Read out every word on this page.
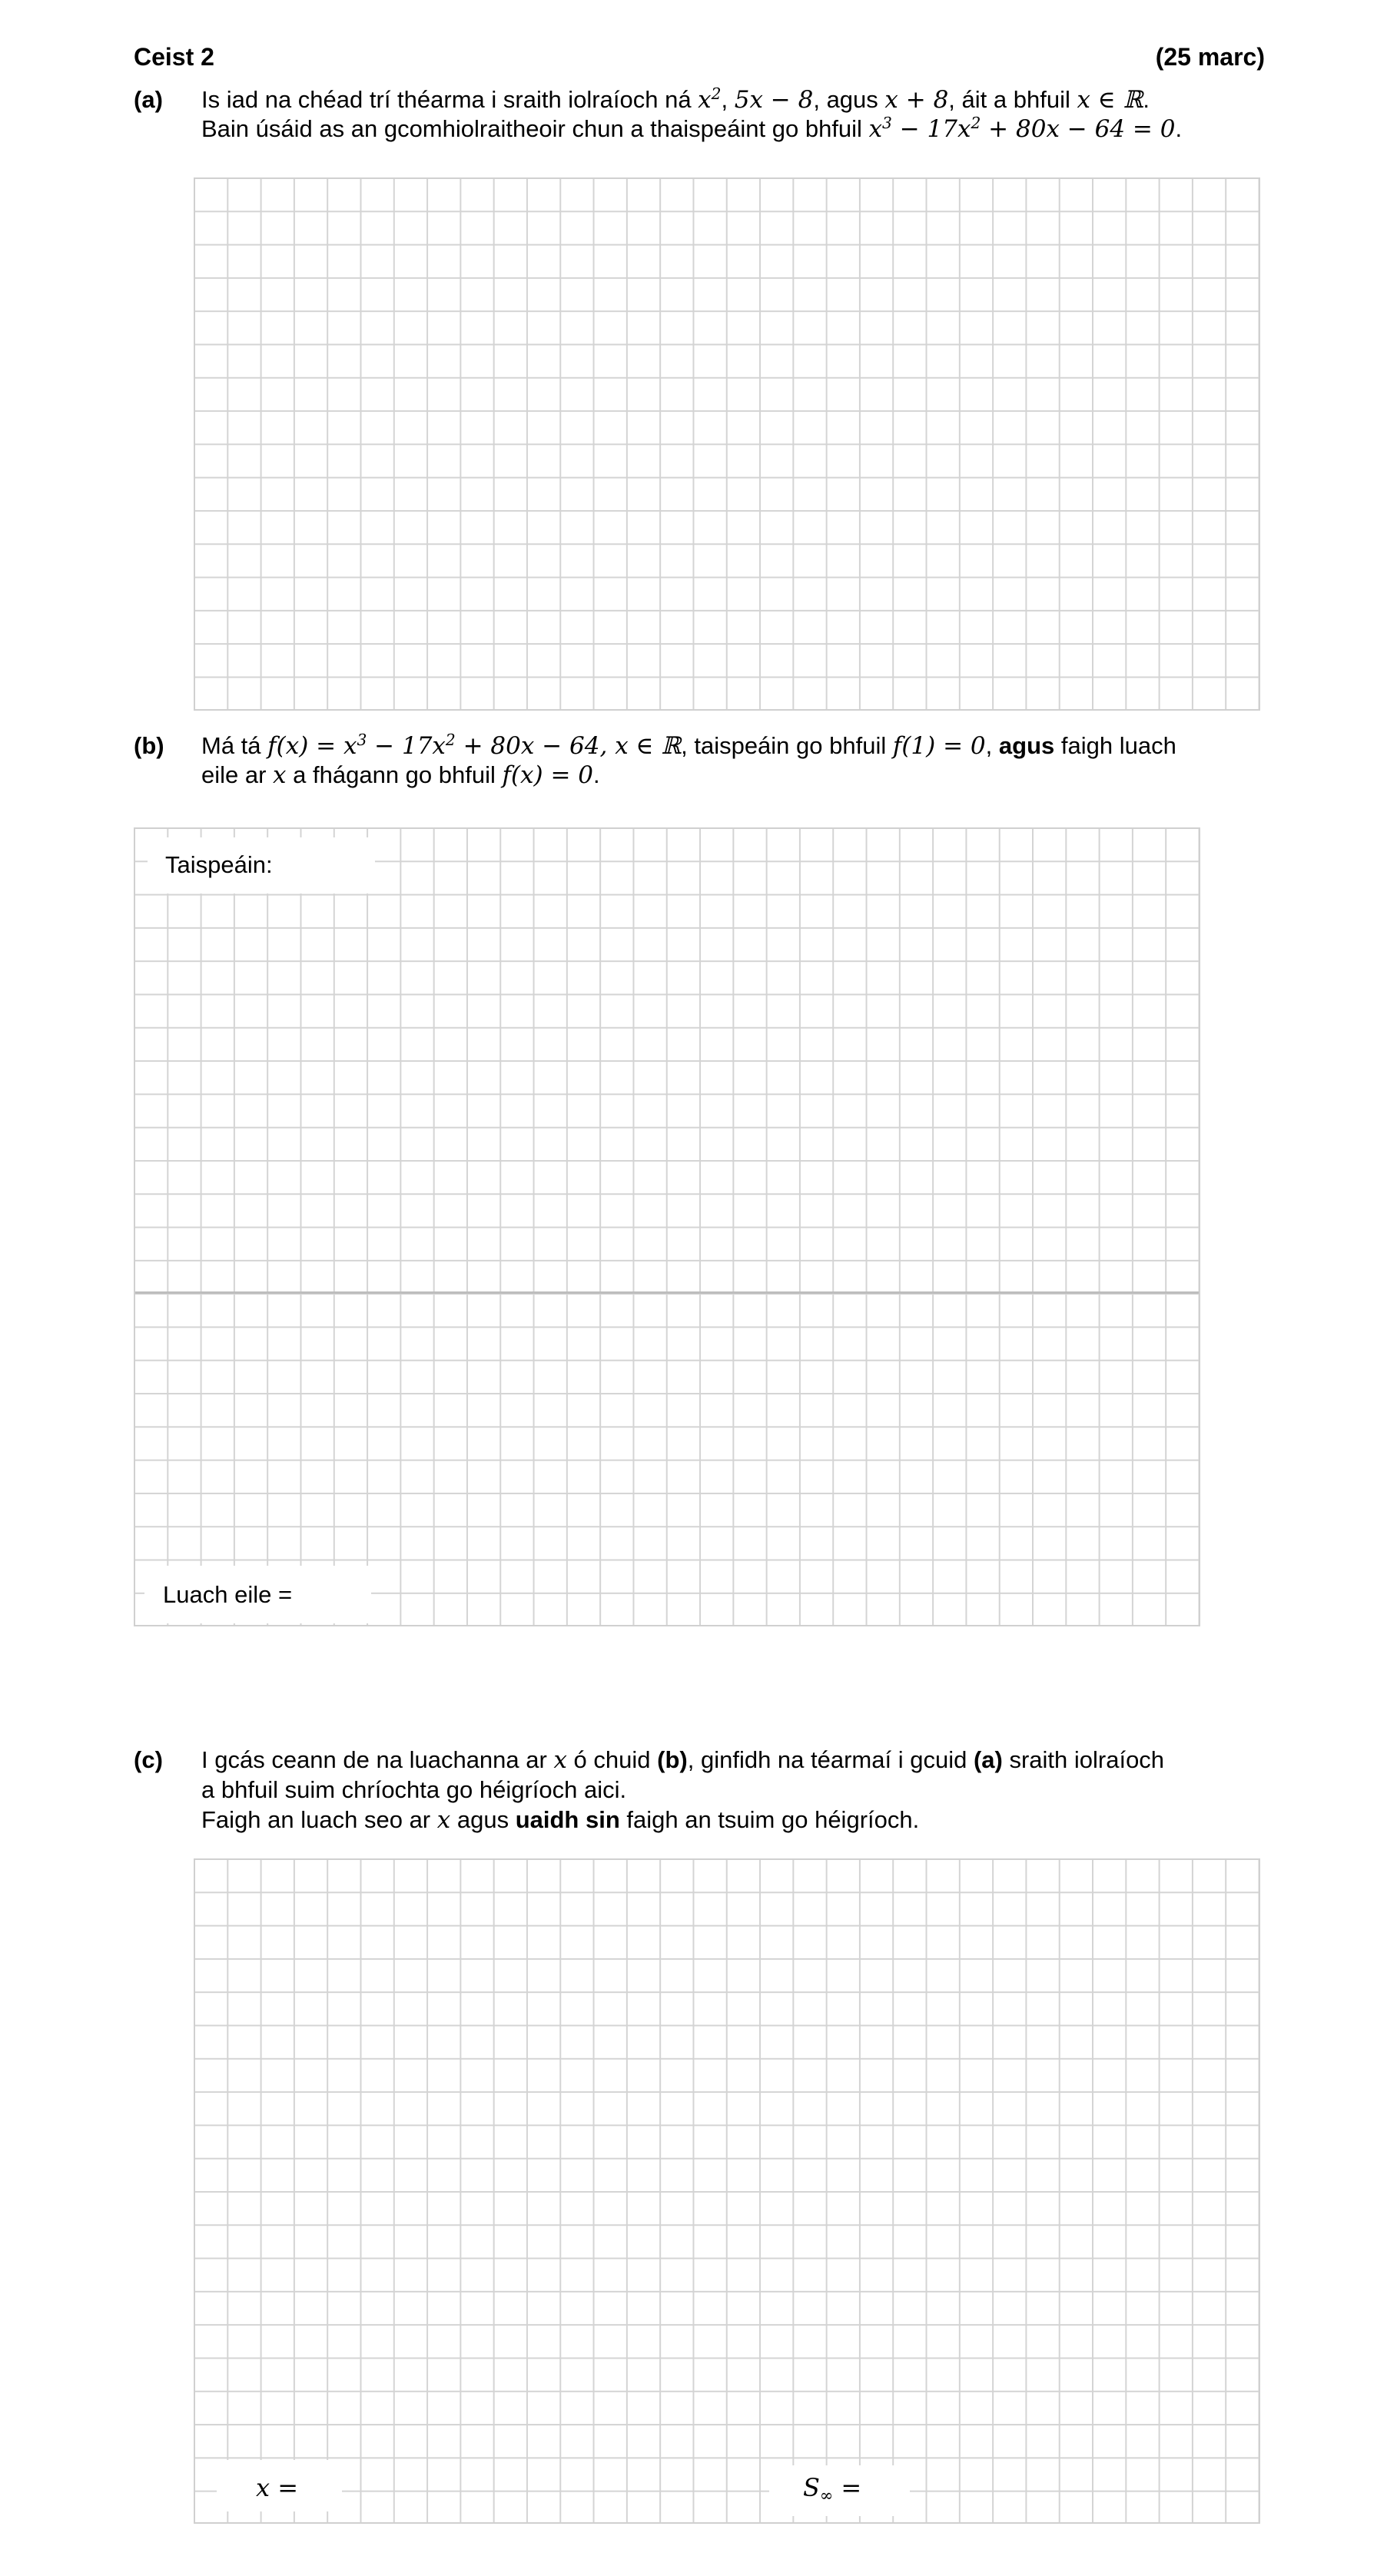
Ceist 2	(25 marc)
(a) Is iad na chéad trí théarma i sraith iolraíoch ná $x^2$, 5x − 8, agus x + 8, áit a bhfuil x ∈ ℝ.
Bain úsáid as an gcomhiolraitheoir chun a thaispeáint go bhfuil $x^3 - 17x^2 + 80x - 64 = 0$.
(b) Má tá $f(x) = x^3 - 17x^2 + 80x - 64$, x ∈ ℝ, taispeáin go bhfuil f(1) = 0, agus faigh luach
eile ar x a fhágann go bhfuil f(x) = 0.
Taispeáin:
Luach eile =
(c) I gcás ceann de na luachanna ar x ó chuid (b), ginfidh na téarmaí i gcuid (a) sraith iolraíoch
a bhfuil suim chríochta go héigríoch aici.
Faigh an luach seo ar x agus uaidh sin faigh an tsuim go héigríoch.
x =	$S_\infty$ =
